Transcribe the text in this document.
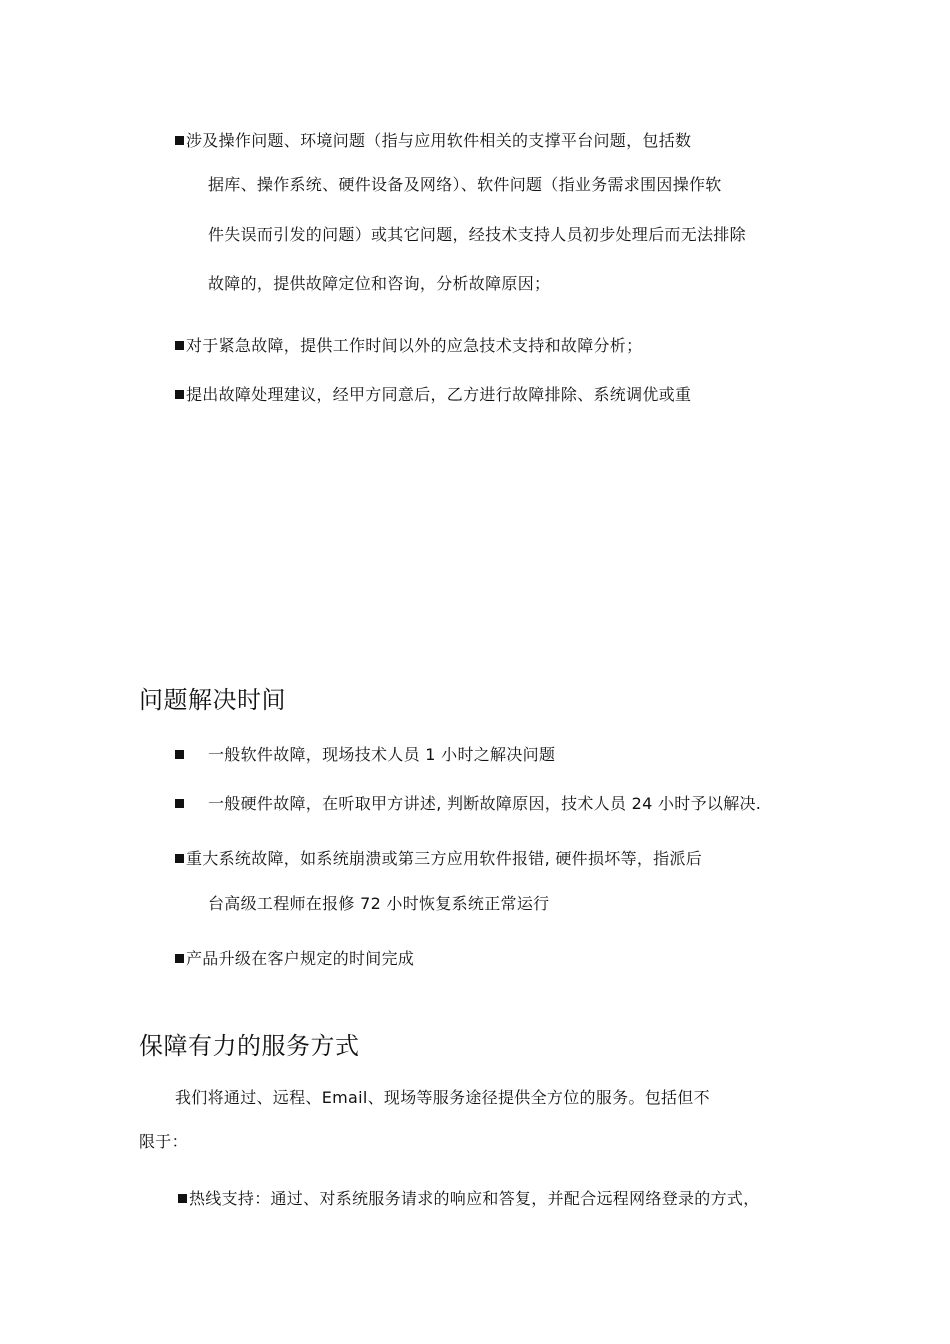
涉及操作问题、环境问题（指与应用软件相关的支撑平台问题，包括数
据库、操作系统、硬件设备及网络）、软件问题（指业务需求围因操作软
件失误而引发的问题）或其它问题，经技术支持人员初步处理后而无法排除
故障的，提供故障定位和咨询，分析故障原因；
对于紧急故障，提供工作时间以外的应急技术支持和故障分析；
提出故障处理建议，经甲方同意后，乙方进行故障排除、系统调优或重
问题解决时间
一般软件故障，现场技术人员 1 小时之解决问题
一般硬件故障，在听取甲方讲述, 判断故障原因，技术人员 24 小时予以解决.
重大系统故障，如系统崩溃或第三方应用软件报错, 硬件损坏等，指派后
台高级工程师在报修 72 小时恢复系统正常运行
产品升级在客户规定的时间完成
保障有力的服务方式
我们将通过、远程、Email、现场等服务途径提供全方位的服务。包括但不
限于：
热线支持：通过、对系统服务请求的响应和答复，并配合远程网络登录的方式，
